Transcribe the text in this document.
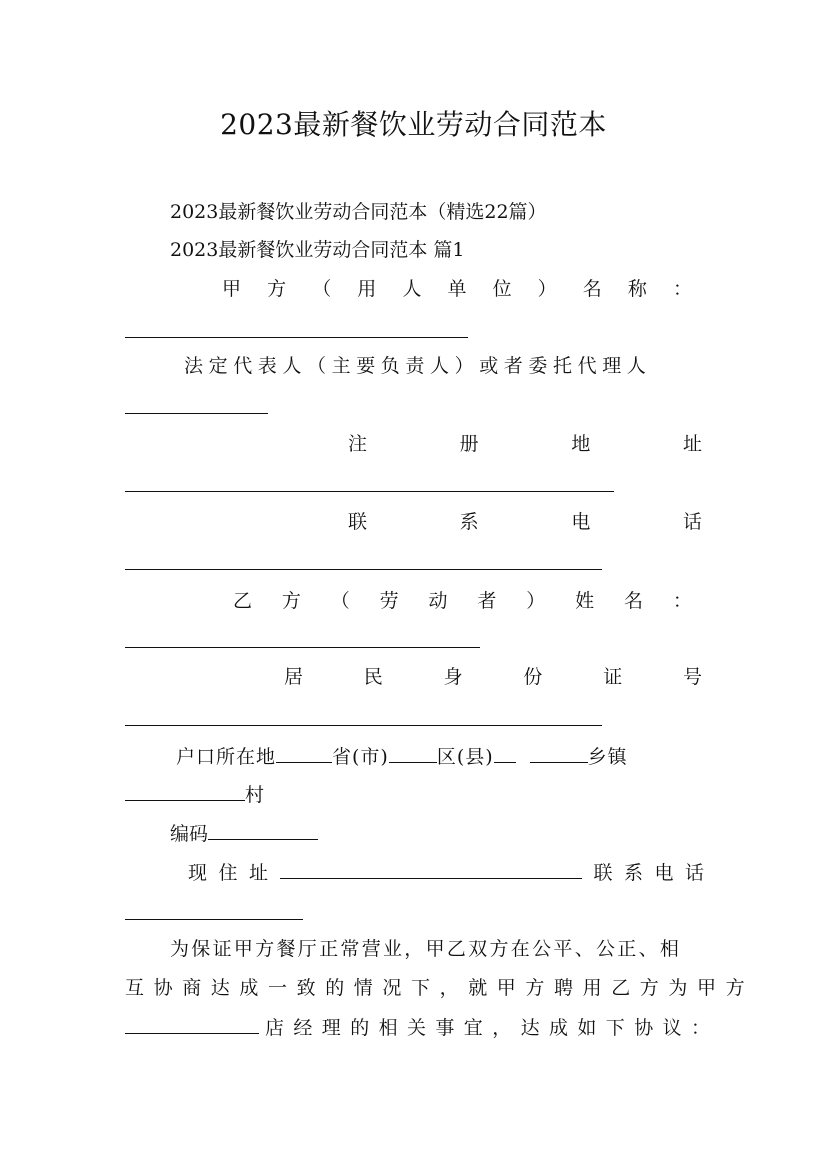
2023最新餐饮业劳动合同范本
2023最新餐饮业劳动合同范本（精选22篇）
2023最新餐饮业劳动合同范本 篇1
甲 方 （ 用 人 单 位 ） 名 称 ：
法定代表人（主要负责人）或者委托代理人
注	册	地	址
联	系	电	话
乙 方 （ 劳 动 者 ） 姓 名 ：
居	民	身	份	证	号
户口所在地	省(市)	区(县)	乡镇
村
编码
现住址	联系电话
为保证甲方餐厅正常营业，甲乙双方在公平、公正、相
互协商达成一致的情况下，就甲方聘用乙方为甲方
店经理的相关事宜，达成如下协议：
